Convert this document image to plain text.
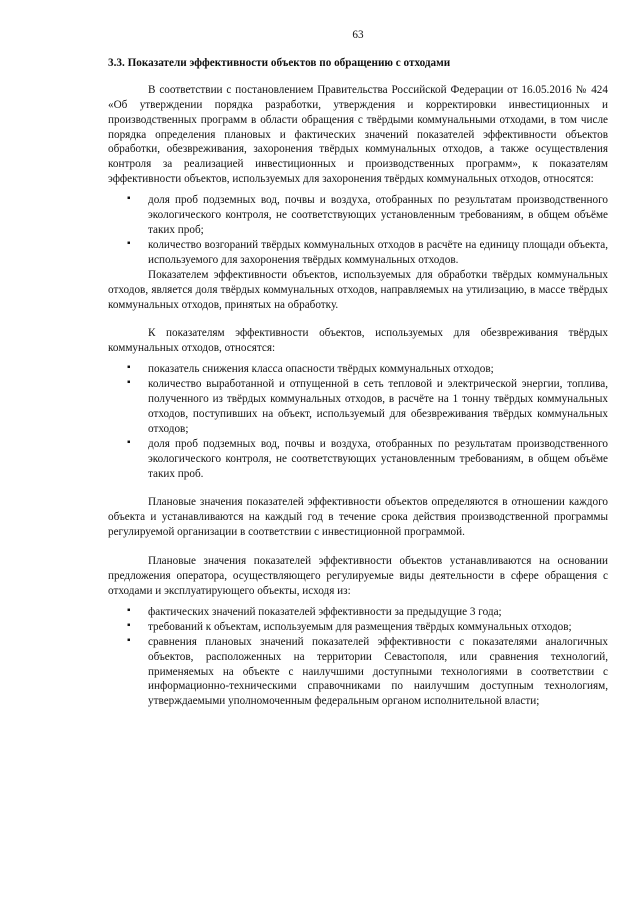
63
3.3. Показатели эффективности объектов по обращению с отходами
В соответствии с постановлением Правительства Российской Федерации от 16.05.2016 № 424 «Об утверждении порядка разработки, утверждения и корректировки инвестиционных и производственных программ в области обращения с твёрдыми коммунальными отходами, в том числе порядка определения плановых и фактических значений показателей эффективности объектов обработки, обезвреживания, захоронения твёрдых коммунальных отходов, а также осуществления контроля за реализацией инвестиционных и производственных программ», к показателям эффективности объектов, используемых для захоронения твёрдых коммунальных отходов, относятся:
▪ доля проб подземных вод, почвы и воздуха, отобранных по результатам производственного экологического контроля, не соответствующих установленным требованиям, в общем объёме таких проб;
▪ количество возгораний твёрдых коммунальных отходов в расчёте на единицу площади объекта, используемого для захоронения твёрдых коммунальных отходов.
Показателем эффективности объектов, используемых для обработки твёрдых коммунальных отходов, является доля твёрдых коммунальных отходов, направляемых на утилизацию, в массе твёрдых коммунальных отходов, принятых на обработку.
К показателям эффективности объектов, используемых для обезвреживания твёрдых коммунальных отходов, относятся:
▪ показатель снижения класса опасности твёрдых коммунальных отходов;
▪ количество выработанной и отпущенной в сеть тепловой и электрической энергии, топлива, полученного из твёрдых коммунальных отходов, в расчёте на 1 тонну твёрдых коммунальных отходов, поступивших на объект, используемый для обезвреживания твёрдых коммунальных отходов;
▪ доля проб подземных вод, почвы и воздуха, отобранных по результатам производственного экологического контроля, не соответствующих установленным требованиям, в общем объёме таких проб.
Плановые значения показателей эффективности объектов определяются в отношении каждого объекта и устанавливаются на каждый год в течение срока действия производственной программы регулируемой организации в соответствии с инвестиционной программой.
Плановые значения показателей эффективности объектов устанавливаются на основании предложения оператора, осуществляющего регулируемые виды деятельности в сфере обращения с отходами и эксплуатирующего объекты, исходя из:
▪ фактических значений показателей эффективности за предыдущие 3 года;
▪ требований к объектам, используемым для размещения твёрдых коммунальных отходов;
▪ сравнения плановых значений показателей эффективности с показателями аналогичных объектов, расположенных на территории Севастополя, или сравнения технологий, применяемых на объекте с наилучшими доступными технологиями в соответствии с информационно-техническими справочниками по наилучшим доступным технологиям, утверждаемыми уполномоченным федеральным органом исполнительной власти;
